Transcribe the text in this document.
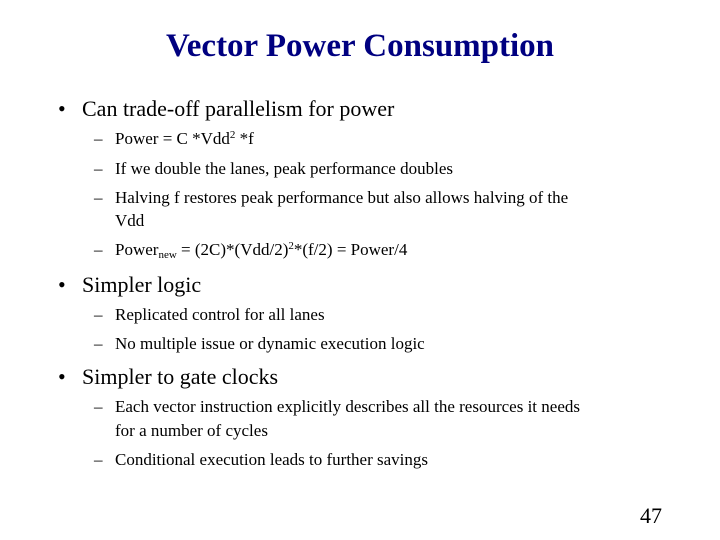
Vector Power Consumption
• Can trade-off parallelism for power
– Power = C *Vdd$^2$ *f
– If we double the lanes, peak performance doubles
– Halving f restores peak performance but also allows halving of the
Vdd
– Power$_{new}$ = $(2C)*(Vdd/2)^2*(f/2)$ = Power/4
• Simpler logic
– Replicated control for all lanes
– No multiple issue or dynamic execution logic
• Simpler to gate clocks
– Each vector instruction explicitly describes all the resources it needs
for a number of cycles
– Conditional execution leads to further savings
47
